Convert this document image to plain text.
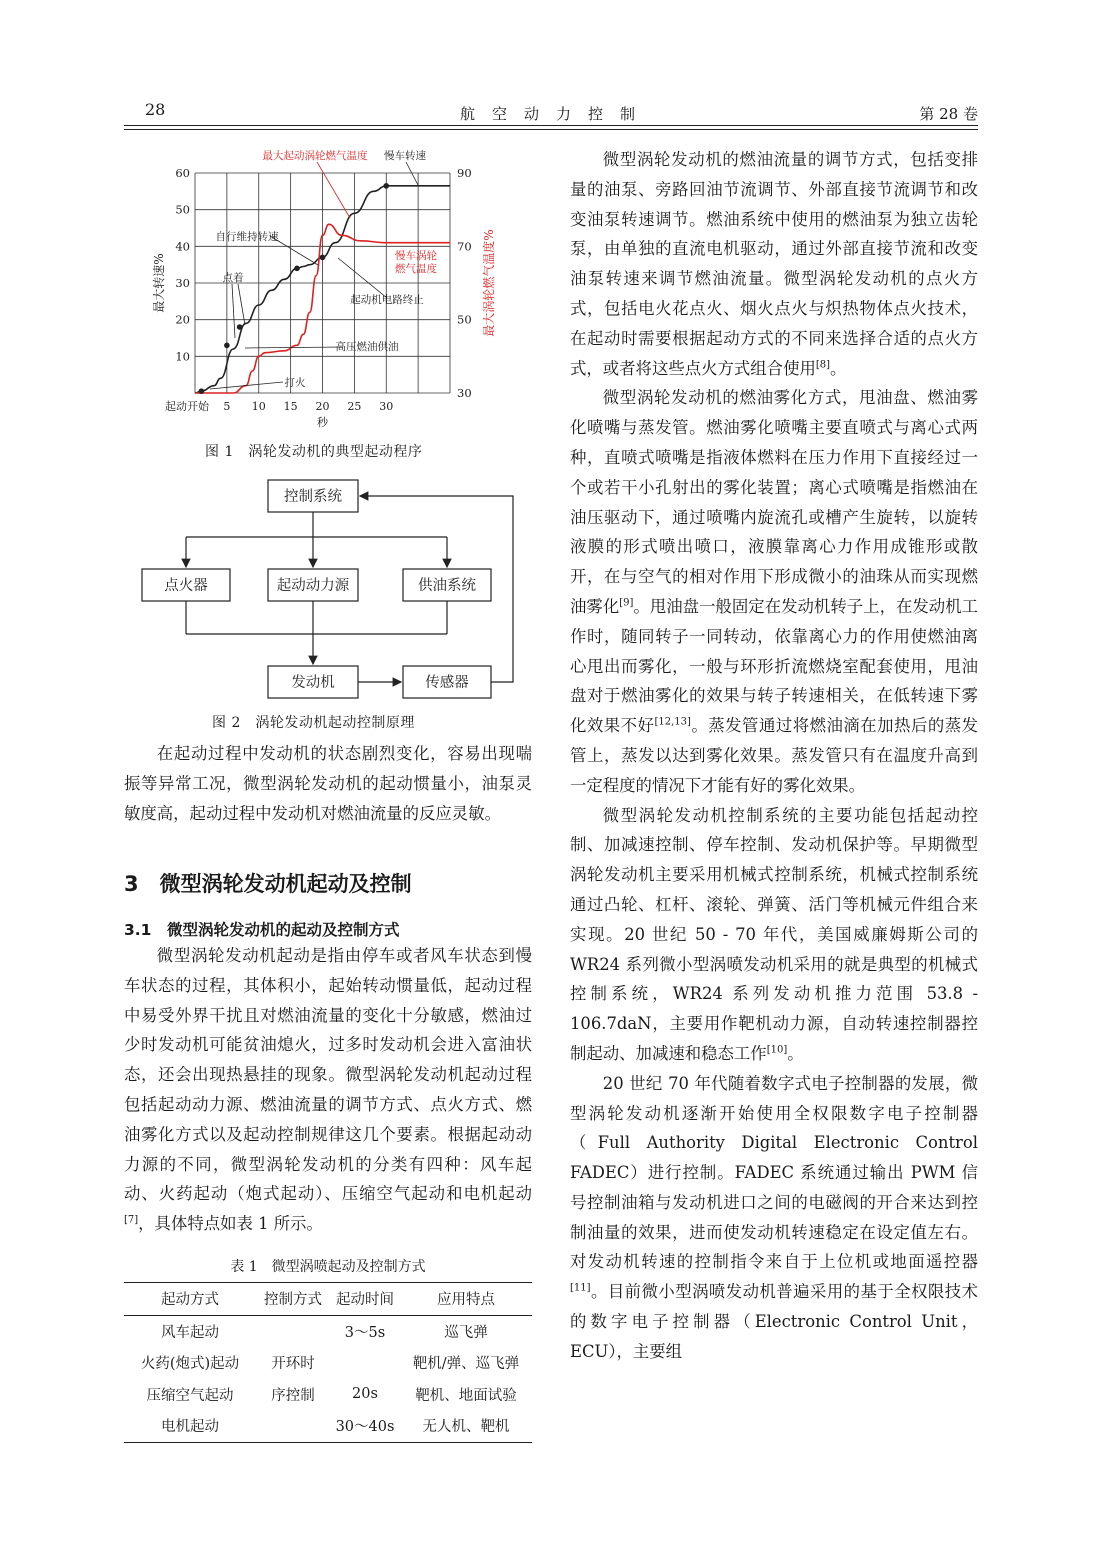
28	航空动力控制	第 28 卷
起动开始 5 10 15 20 25 30
10
20
30
40
50
60
30
50
70
90
秒
最大转速%	最大涡轮燃气温度%
最大起动涡轮燃气温度 慢车转速
自行维持转速
点着
慢车涡轮
燃气温度
起动机电路终止
高压燃油供油
打火
图 1　涡轮发动机的典型起动程序
控制系统
点火器	起动动力源	供油系统
发动机	传感器
图 2　涡轮发动机起动控制原理

在起动过程中发动机的状态剧烈变化，容易出现喘振等异常工况，微型涡轮发动机的起动惯量小，油泵灵敏度高，起动过程中发动机对燃油流量的反应灵敏。

3　微型涡轮发动机起动及控制
3.1　微型涡轮发动机的起动及控制方式

微型涡轮发动机起动是指由停车或者风车状态到慢车状态的过程，其体积小，起始转动惯量低，起动过程中易受外界干扰且对燃油流量的变化十分敏感，燃油过少时发动机可能贫油熄火，过多时发动机会进入富油状态，还会出现热悬挂的现象。微型涡轮发动机起动过程包括起动动力源、燃油流量的调节方式、点火方式、燃油雾化方式以及起动控制规律这几个要素。根据起动动力源的不同，微型涡轮发动机的分类有四种：风车起动、火药起动（炮式起动）、压缩空气起动和电机起动[7]，具体特点如表 1 所示。

表 1　微型涡喷起动及控制方式
起动方式	控制方式	起动时间	应用特点
风车起动		3～5s	巡飞弹
火药(炮式)起动	开环时		靶机/弹、巡飞弹
压缩空气起动	序控制	20s	靶机、地面试验
电机起动		30～40s	无人机、靶机

微型涡轮发动机的燃油流量的调节方式，包括变排量的油泵、旁路回油节流调节、外部直接节流调节和改变油泵转速调节。燃油系统中使用的燃油泵为独立齿轮泵，由单独的直流电机驱动，通过外部直接节流和改变油泵转速来调节燃油流量。微型涡轮发动机的点火方式，包括电火花点火、烟火点火与炽热物体点火技术，在起动时需要根据起动方式的不同来选择合适的点火方式，或者将这些点火方式组合使用[8]。

微型涡轮发动机的燃油雾化方式，甩油盘、燃油雾化喷嘴与蒸发管。燃油雾化喷嘴主要直喷式与离心式两种，直喷式喷嘴是指液体燃料在压力作用下直接经过一个或若干小孔射出的雾化装置；离心式喷嘴是指燃油在油压驱动下，通过喷嘴内旋流孔或槽产生旋转，以旋转液膜的形式喷出喷口，液膜靠离心力作用成锥形或散开，在与空气的相对作用下形成微小的油珠从而实现燃油雾化[9]。甩油盘一般固定在发动机转子上，在发动机工作时，随同转子一同转动，依靠离心力的作用使燃油离心甩出而雾化，一般与环形折流燃烧室配套使用，甩油盘对于燃油雾化的效果与转子转速相关，在低转速下雾化效果不好[12,13]。蒸发管通过将燃油滴在加热后的蒸发管上，蒸发以达到雾化效果。蒸发管只有在温度升高到一定程度的情况下才能有好的雾化效果。

微型涡轮发动机控制系统的主要功能包括起动控制、加减速控制、停车控制、发动机保护等。早期微型涡轮发动机主要采用机械式控制系统，机械式控制系统通过凸轮、杠杆、滚轮、弹簧、活门等机械元件组合来实现。20 世纪 50 - 70 年代，美国威廉姆斯公司的 WR24 系列微小型涡喷发动机采用的就是典型的机械式控制系统，WR24 系列发动机推力范围 53.8 - 106.7daN，主要用作靶机动力源，自动转速控制器控制起动、加减速和稳态工作[10]。

20 世纪 70 年代随着数字式电子控制器的发展，微型涡轮发动机逐渐开始使用全权限数字电子控制器（Full Authority Digital Electronic Control FADEC）进行控制。FADEC 系统通过输出 PWM 信号控制油箱与发动机进口之间的电磁阀的开合来达到控制油量的效果，进而使发动机转速稳定在设定值左右。对发动机转速的控制指令来自于上位机或地面遥控器[11]。目前微小型涡喷发动机普遍采用的基于全权限技术的数字电子控制器（Electronic Control Unit，ECU），主要组
